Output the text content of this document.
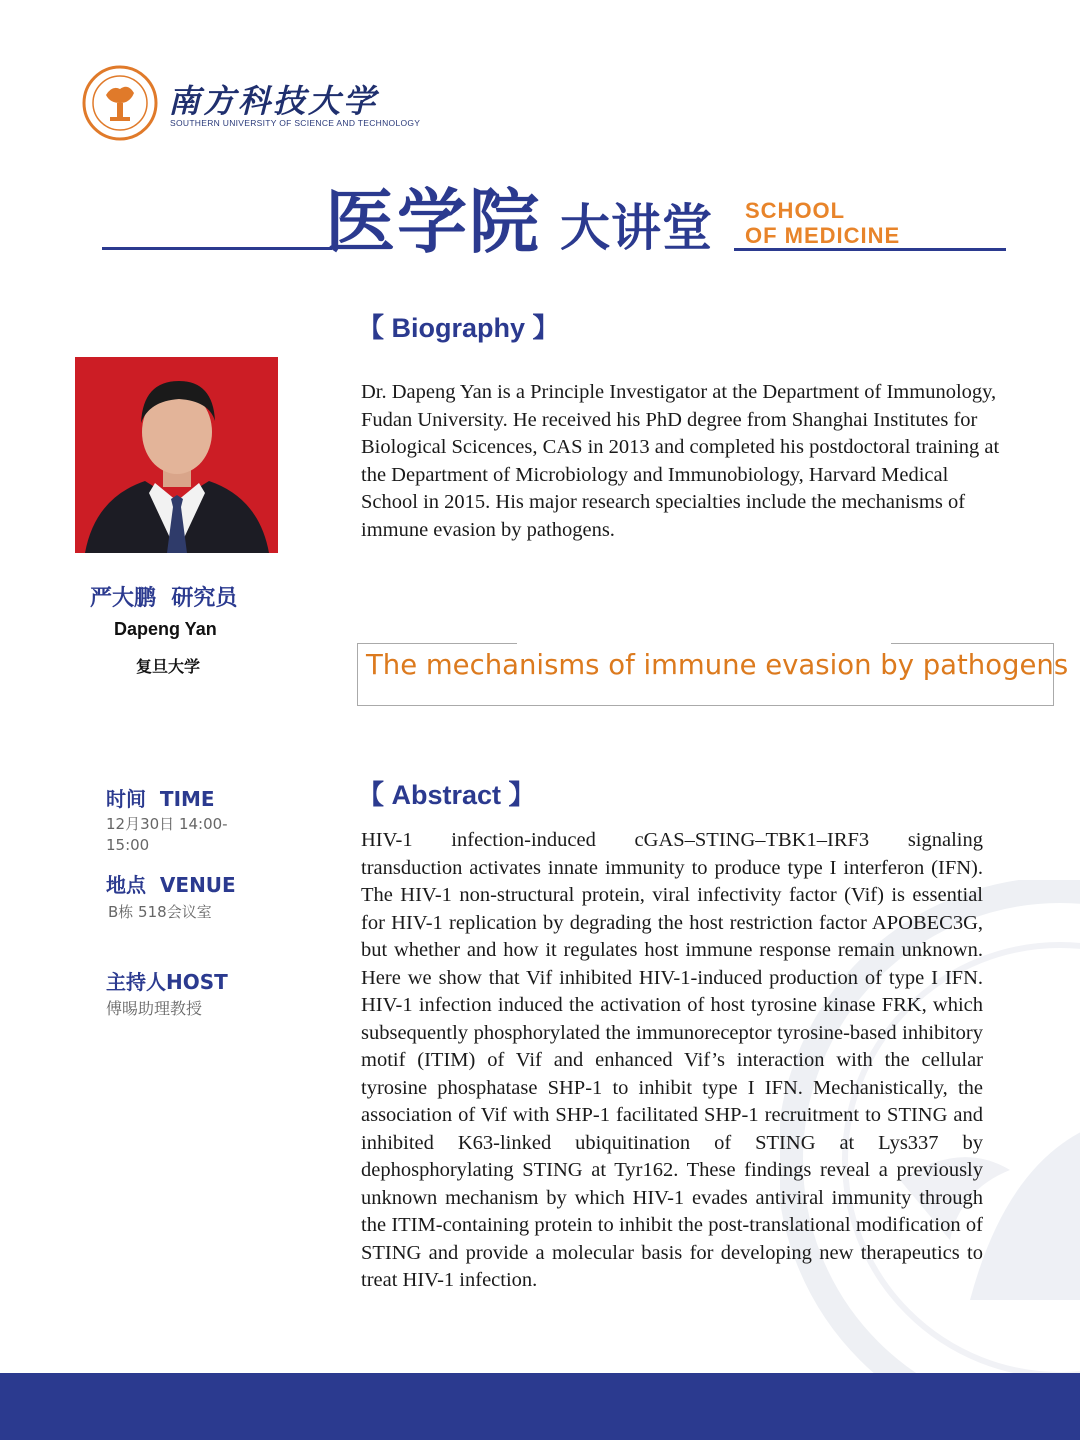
南方科技大学
SOUTHERN UNIVERSITY OF SCIENCE AND TECHNOLOGY
医学院 大讲堂 SCHOOL
OF MEDICINE
【 Biography 】
Dr. Dapeng Yan is a Principle Investigator at the Department of Immunology, Fudan University. He received his PhD degree from Shanghai Institutes for Biological Scicences, CAS in 2013 and completed his postdoctoral training at the Department of Microbiology and Immunobiology, Harvard Medical School in 2015. His major research specialties include the mechanisms of immune evasion by pathogens.
严大鹏  研究员
Dapeng Yan
复旦大学	The mechanisms of immune evasion by pathogens
时间  TIME
12月30日 14:00-15:00
地点  VENUE
B栋 518会议室
主持人HOST
傅晹助理教授
【 Abstract 】
HIV-1 infection-induced cGAS–STING–TBK1–IRF3 signaling transduction activates innate immunity to produce type I interferon (IFN). The HIV-1 non-structural protein, viral infectivity factor (Vif) is essential for HIV-1 replication by degrading the host restriction factor APOBEC3G, but whether and how it regulates host immune response remain unknown. Here we show that Vif inhibited HIV-1-induced production of type I IFN. HIV-1 infection induced the activation of host tyrosine kinase FRK, which subsequently phosphorylated the immunoreceptor tyrosine-based inhibitory motif (ITIM) of Vif and enhanced Vif’s interaction with the cellular tyrosine phosphatase SHP-1 to inhibit type I IFN. Mechanistically, the association of Vif with SHP-1 facilitated SHP-1 recruitment to STING and inhibited K63-linked ubiquitination of STING at Lys337 by dephosphorylating STING at Tyr162. These findings reveal a previously unknown mechanism by which HIV-1 evades antiviral immunity through the ITIM-containing protein to inhibit the post-translational modification of STING and provide a molecular basis for developing new therapeutics to treat HIV-1 infection.
